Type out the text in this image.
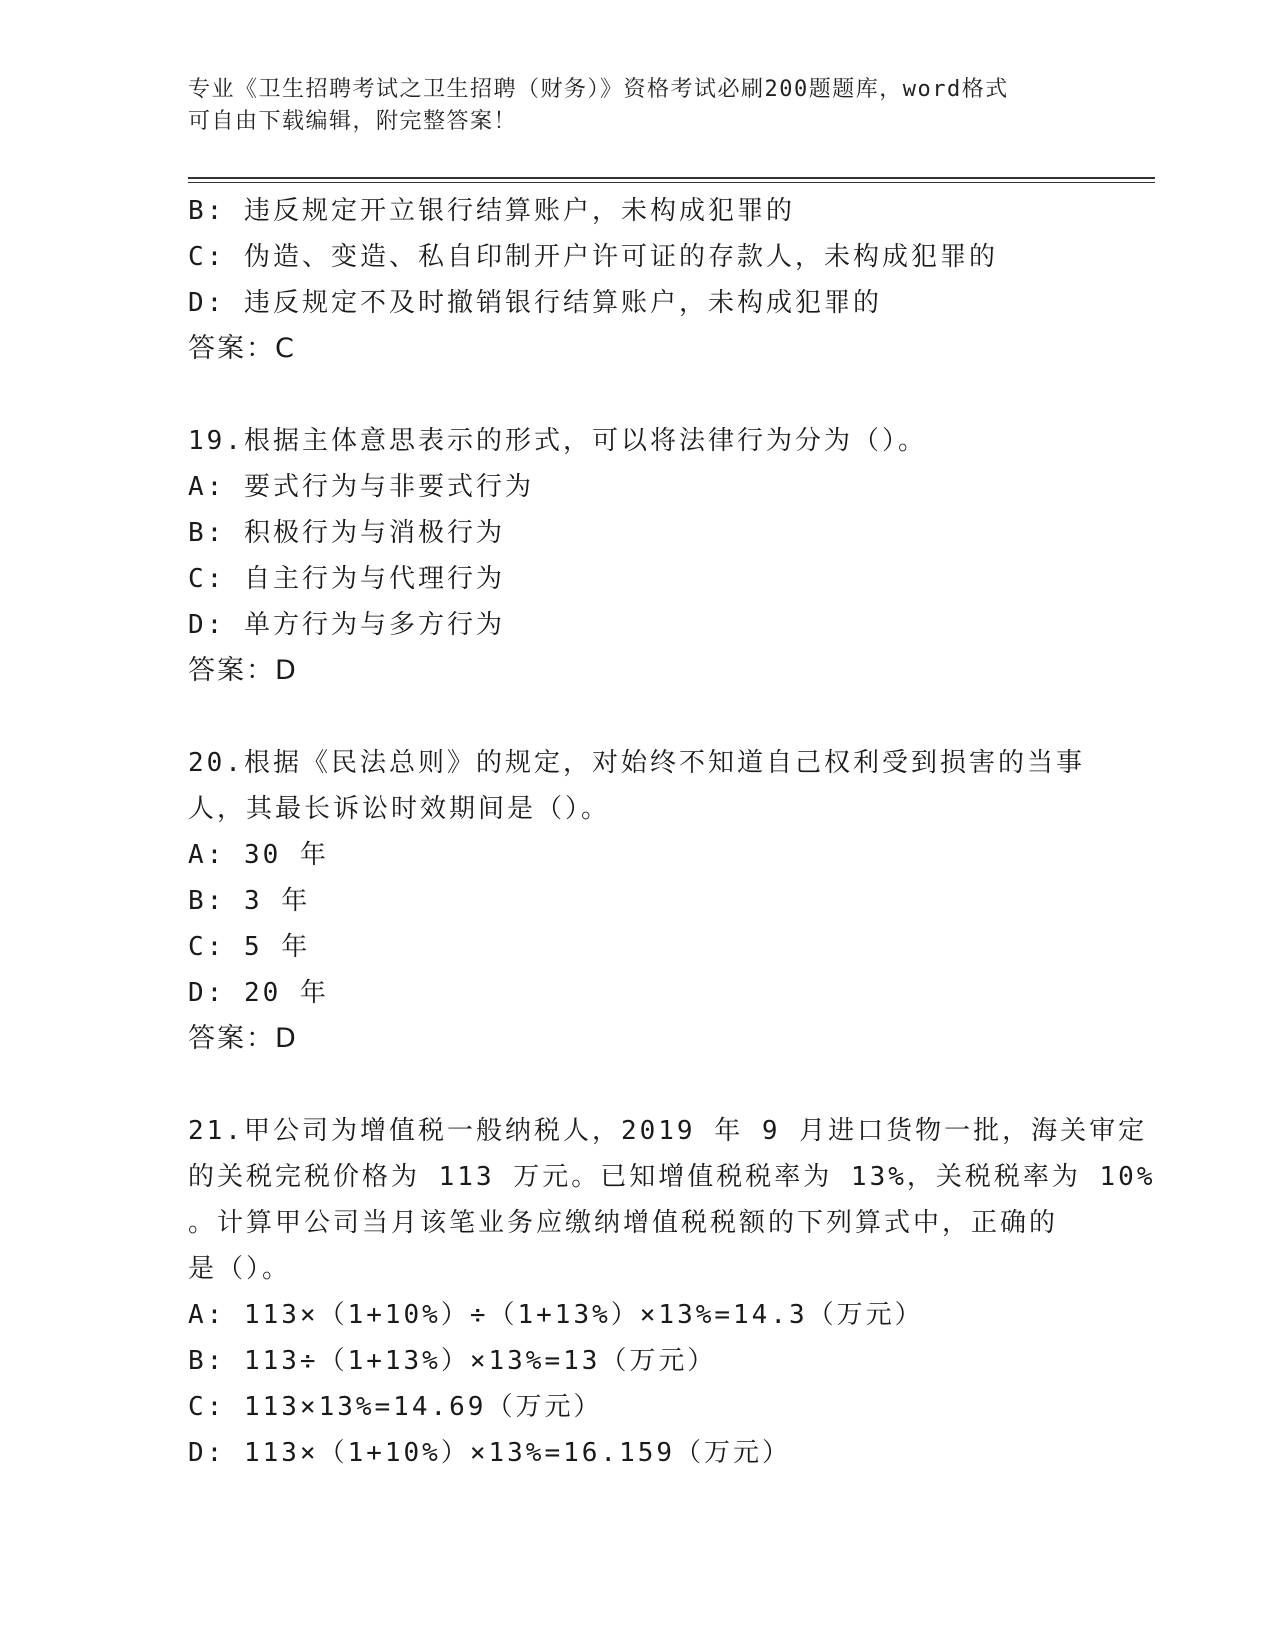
专业《卫生招聘考试之卫生招聘（财务）》资格考试必刷200题题库，word格式
可自由下载编辑，附完整答案！
B: 违反规定开立银行结算账户，未构成犯罪的
C: 伪造、变造、私自印制开户许可证的存款人，未构成犯罪的
D: 违反规定不及时撤销银行结算账户，未构成犯罪的
答案：C
19.根据主体意思表示的形式，可以将法律行为分为（）。
A: 要式行为与非要式行为
B: 积极行为与消极行为
C: 自主行为与代理行为
D: 单方行为与多方行为
答案：D
20.根据《民法总则》的规定，对始终不知道自己权利受到损害的当事
人，其最长诉讼时效期间是（）。
A: 30 年
B: 3 年
C: 5 年
D: 20 年
答案：D
21.甲公司为增值税一般纳税人，2019 年 9 月进口货物一批，海关审定
的关税完税价格为 113 万元。已知增值税税率为 13%，关税税率为 10%
。计算甲公司当月该笔业务应缴纳增值税税额的下列算式中，正确的
是（）。
A: 113×（1+10%）÷（1+13%）×13%=14.3（万元）
B: 113÷（1+13%）×13%=13（万元）
C: 113×13%=14.69（万元）
D: 113×（1+10%）×13%=16.159（万元）
